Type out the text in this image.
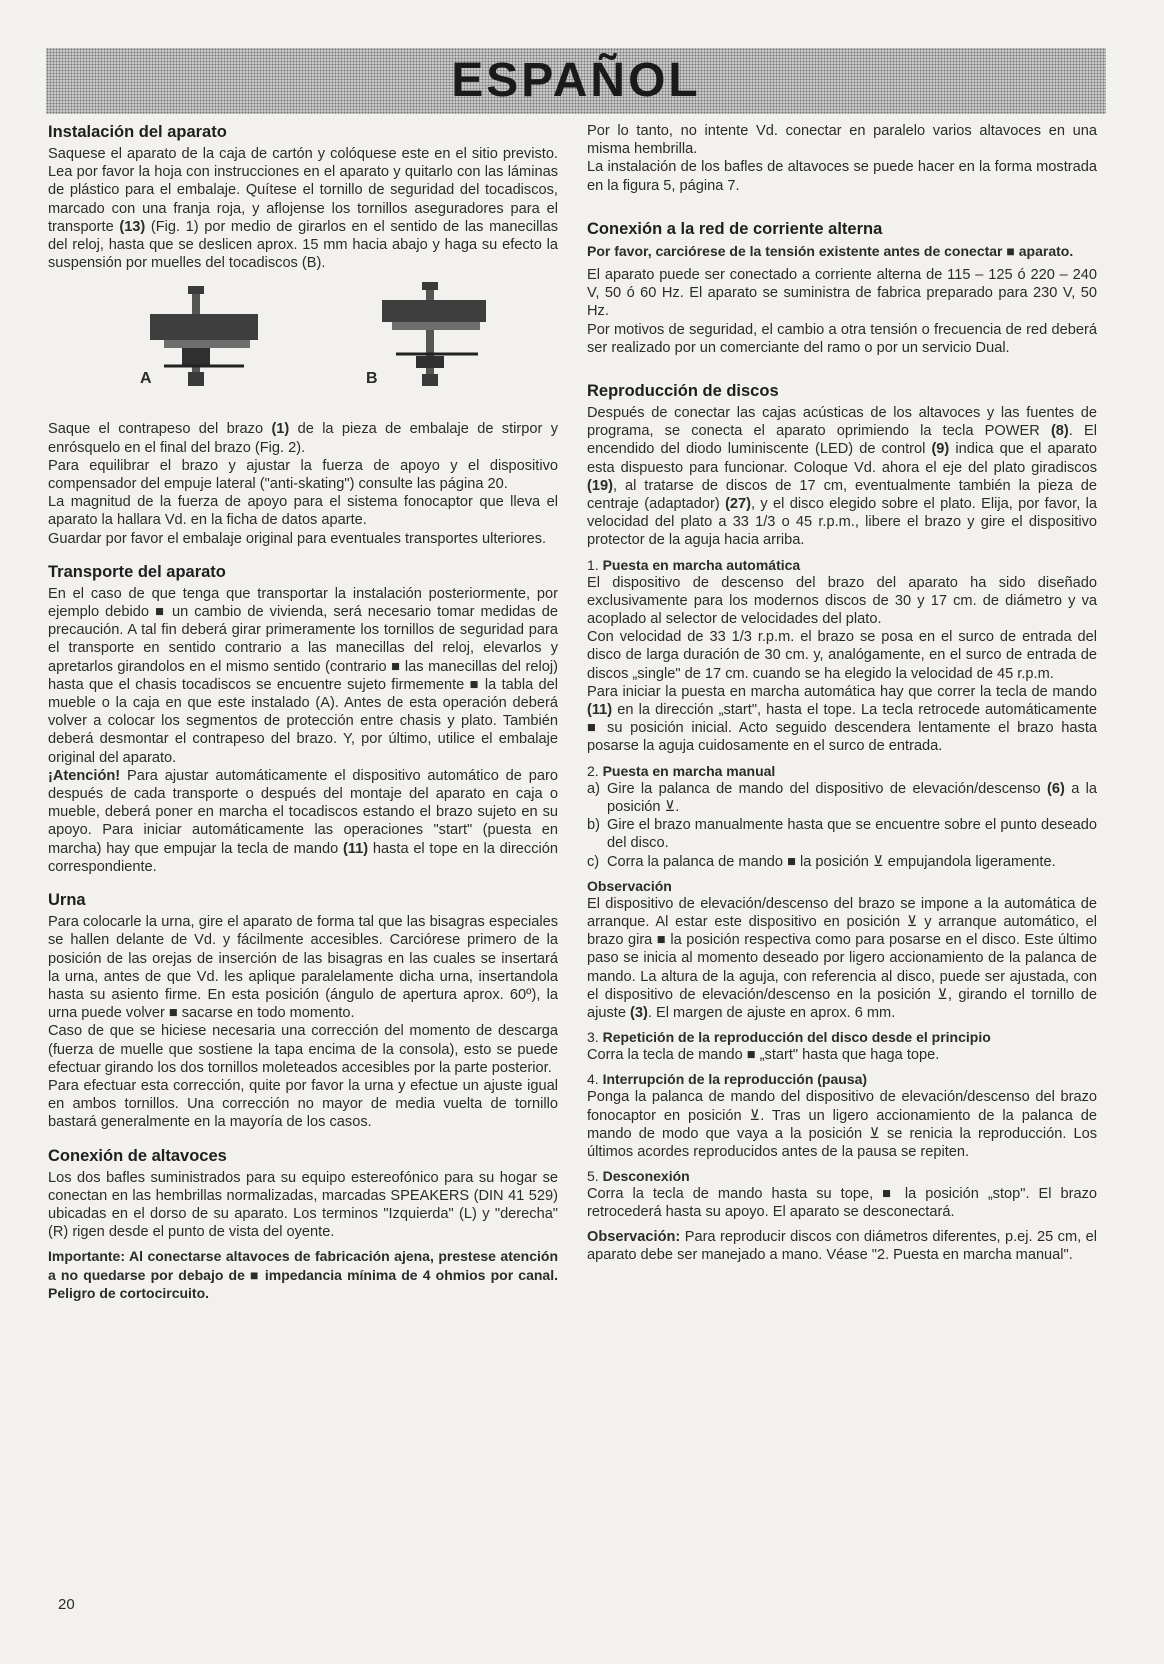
ESPAÑOL
Instalación del aparato

Saquese el aparato de la caja de cartón y colóquese este en el sitio previsto. Lea por favor la hoja con instrucciones en el aparato y quitarlo con las láminas de plástico para el embalaje. Quítese el tornillo de seguridad del tocadiscos, marcado con una franja roja, y aflojense los tornillos aseguradores para el transporte (13) (Fig. 1) por medio de girarlos en el sentido de las manecillas del reloj, hasta que se deslicen aprox. 15 mm hacia abajo y haga su efecto la suspensión por muelles del tocadiscos (B).

A	B

Saque el contrapeso del brazo (1) de la pieza de embalaje de stirpor y enrósquelo en el final del brazo (Fig. 2).

Para equilibrar el brazo y ajustar la fuerza de apoyo y el dispositivo compensador del empuje lateral ("anti-skating") consulte las página 20.

La magnitud de la fuerza de apoyo para el sistema fonocaptor que lleva el aparato la hallara Vd. en la ficha de datos aparte.

Guardar por favor el embalaje original para eventuales transportes ulteriores.

Transporte del aparato

En el caso de que tenga que transportar la instalación posteriormente, por ejemplo debido ■ un cambio de vivienda, será necesario tomar medidas de precaución. A tal fin deberá girar primeramente los tornillos de seguridad para el transporte en sentido contrario a las manecillas del reloj, elevarlos y apretarlos girandolos en el mismo sentido (contrario ■ las manecillas del reloj) hasta que el chasis tocadiscos se encuentre sujeto firmemente ■ la tabla del mueble o la caja en que este instalado (A). Antes de esta operación deberá volver a colocar los segmentos de protección entre chasis y plato. También deberá desmontar el contrapeso del brazo. Y, por último, utilice el embalaje original del aparato.

¡Atención! Para ajustar automáticamente el dispositivo automático de paro después de cada transporte o después del montaje del aparato en caja o mueble, deberá poner en marcha el tocadiscos estando el brazo sujeto en su apoyo. Para iniciar automáticamente las operaciones "start" (puesta en marcha) hay que empujar la tecla de mando (11) hasta el tope en la dirección correspondiente.

Urna

Para colocarle la urna, gire el aparato de forma tal que las bisagras especiales se hallen delante de Vd. y fácilmente accesibles. Carciórese primero de la posición de las orejas de inserción de las bisagras en las cuales se insertará la urna, antes de que Vd. les aplique paralelamente dicha urna, insertandola hasta su asiento firme. En esta posición (ángulo de apertura aprox. 60º), la urna puede volver ■ sacarse en todo momento.

Caso de que se hiciese necesaria una corrección del momento de descarga (fuerza de muelle que sostiene la tapa encima de la consola), esto se puede efectuar girando los dos tornillos moleteados accesibles por la parte posterior.

Para efectuar esta corrección, quite por favor la urna y efectue un ajuste igual en ambos tornillos. Una corrección no mayor de media vuelta de tornillo bastará generalmente en la mayoría de los casos.

Conexión de altavoces

Los dos bafles suministrados para su equipo estereofónico para su hogar se conectan en las hembrillas normalizadas, marcadas SPEAKERS (DIN 41 529) ubicadas en el dorso de su aparato. Los terminos "Izquierda" (L) y "derecha" (R) rigen desde el punto de vista del oyente.

Importante: Al conectarse altavoces de fabricación ajena, prestese atención a no quedarse por debajo de ■ impedancia mínima de 4 ohmios por canal. Peligro de cortocircuito.

Por lo tanto, no intente Vd. conectar en paralelo varios altavoces en una misma hembrilla.

La instalación de los bafles de altavoces se puede hacer en la forma mostrada en la figura 5, página 7.

Conexión a la red de corriente alterna

Por favor, carciórese de la tensión existente antes de conectar ■ aparato.

El aparato puede ser conectado a corriente alterna de 115 – 125 ó 220 – 240 V, 50 ó 60 Hz. El aparato se suministra de fabrica preparado para 230 V, 50 Hz.

Por motivos de seguridad, el cambio a otra tensión o frecuencia de red deberá ser realizado por un comerciante del ramo o por un servicio Dual.

Reproducción de discos

Después de conectar las cajas acústicas de los altavoces y las fuentes de programa, se conecta el aparato oprimiendo la tecla POWER (8). El encendido del diodo luminiscente (LED) de control (9) indica que el aparato esta dispuesto para funcionar. Coloque Vd. ahora el eje del plato giradiscos (19), al tratarse de discos de 17 cm, eventualmente también la pieza de centraje (adaptador) (27), y el disco elegido sobre el plato. Elija, por favor, la velocidad del plato a 33 1/3 o 45 r.p.m., libere el brazo y gire el dispositivo protector de la aguja hacia arriba.

1. Puesta en marcha automática

El dispositivo de descenso del brazo del aparato ha sido diseñado exclusivamente para los modernos discos de 30 y 17 cm. de diámetro y va acoplado al selector de velocidades del plato.

Con velocidad de 33 1/3 r.p.m. el brazo se posa en el surco de entrada del disco de larga duración de 30 cm. y, analógamente, en el surco de entrada de discos „single" de 17 cm. cuando se ha elegido la velocidad de 45 r.p.m.

Para iniciar la puesta en marcha automática hay que correr la tecla de mando (11) en la dirección „start", hasta el tope. La tecla retrocede automáticamente ■ su posición inicial. Acto seguido descendera lentamente el brazo hasta posarse la aguja cuidosamente en el surco de entrada.

2. Puesta en marcha manual
a) Gire la palanca de mando del dispositivo de elevación/descenso (6) a la posición ⊻.
b) Gire el brazo manualmente hasta que se encuentre sobre el punto deseado del disco.
c) Corra la palanca de mando ■ la posición ⊻ empujandola ligeramente.
Observación

El dispositivo de elevación/descenso del brazo se impone a la automática de arranque. Al estar este dispositivo en posición ⊻ y arranque automático, el brazo gira ■ la posición respectiva como para posarse en el disco. Este último paso se inicia al momento deseado por ligero accionamiento de la palanca de mando. La altura de la aguja, con referencia al disco, puede ser ajustada, con el dispositivo de elevación/descenso en la posición ⊻, girando el tornillo de ajuste (3). El margen de ajuste en aprox. 6 mm.

3. Repetición de la reproducción del disco desde el principio

Corra la tecla de mando ■ „start" hasta que haga tope.

4. Interrupción de la reproducción (pausa)

Ponga la palanca de mando del dispositivo de elevación/descenso del brazo fonocaptor en posición ⊻. Tras un ligero accionamiento de la palanca de mando de modo que vaya a la posición ⊻ se renicia la reproducción. Los últimos acordes reproducidos antes de la pausa se repiten.

5. Desconexión

Corra la tecla de mando hasta su tope, ■ la posición „stop". El brazo retrocederá hasta su apoyo. El aparato se desconectará.

Observación: Para reproducir discos con diámetros diferentes, p.ej. 25 cm, el aparato debe ser manejado a mano. Véase "2. Puesta en marcha manual".

20
